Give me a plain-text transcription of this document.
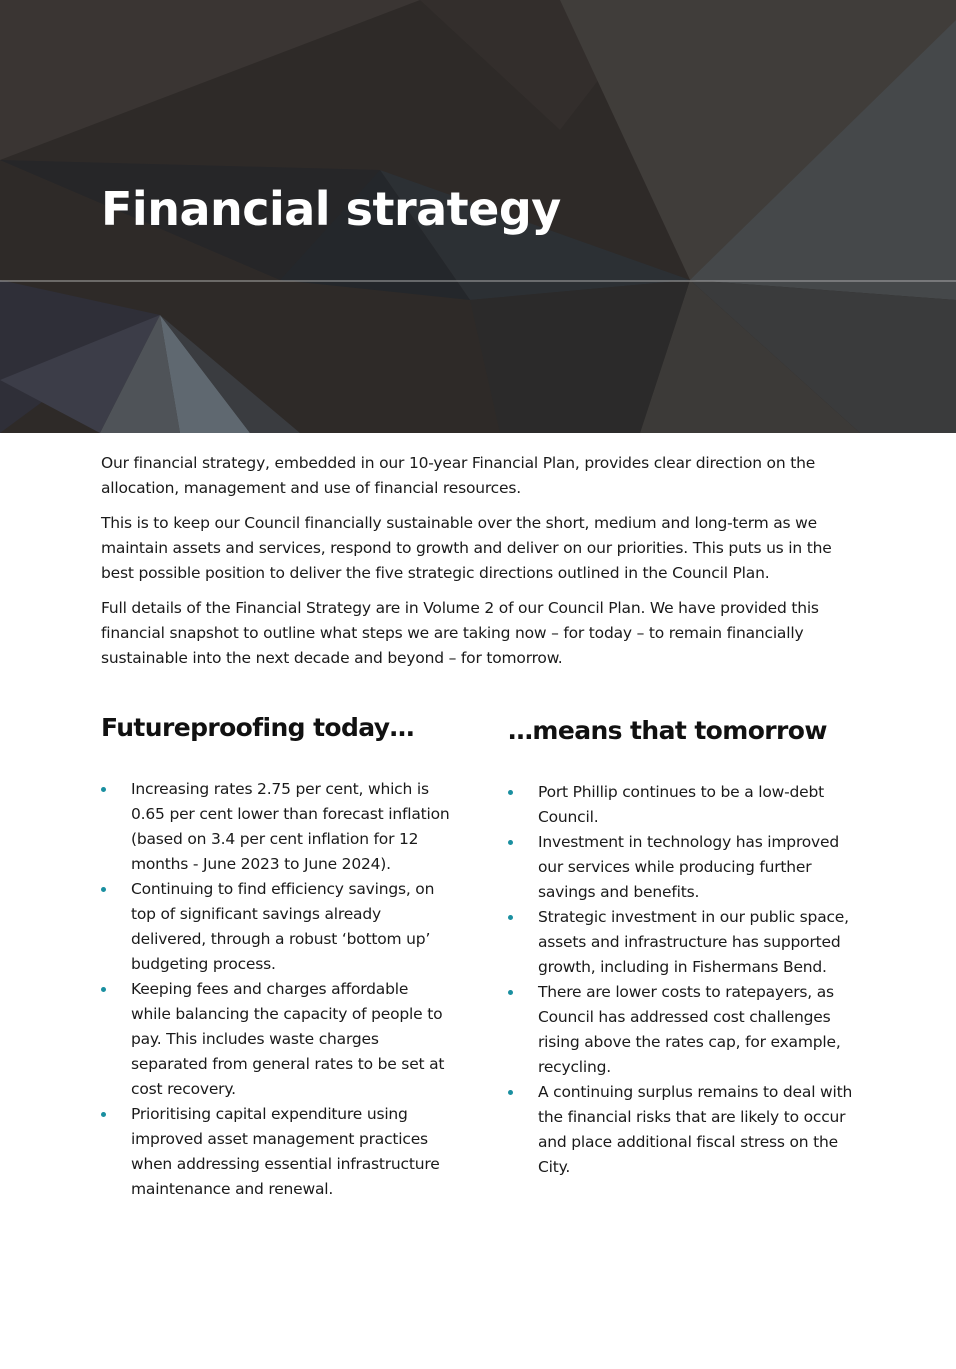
Financial strategy

Our financial strategy, embedded in our 10-year Financial Plan, provides clear direction on the allocation, management and use of financial resources.

This is to keep our Council financially sustainable over the short, medium and long-term as we maintain assets and services, respond to growth and deliver on our priorities. This puts us in the best possible position to deliver the five strategic directions outlined in the Council Plan.

Full details of the Financial Strategy are in Volume 2 of our Council Plan. We have provided this financial snapshot to outline what steps we are taking now – for today – to remain financially sustainable into the next decade and beyond – for tomorrow.

Futureproofing today…
Increasing rates 2.75 per cent, which is 0.65 per cent lower than forecast inflation (based on 3.4 per cent inflation for 12 months - June 2023 to June 2024).
Continuing to find efficiency savings, on top of significant savings already delivered, through a robust ‘bottom up’ budgeting process.
Keeping fees and charges affordable while balancing the capacity of people to pay. This includes waste charges separated from general rates to be set at cost recovery.
Prioritising capital expenditure using improved asset management practices when addressing essential infrastructure maintenance and renewal.
…means that tomorrow
Port Phillip continues to be a low-debt Council.
Investment in technology has improved our services while producing further savings and benefits.
Strategic investment in our public space, assets and infrastructure has supported growth, including in Fishermans Bend.
There are lower costs to ratepayers, as Council has addressed cost challenges rising above the rates cap, for example, recycling.
A continuing surplus remains to deal with the financial risks that are likely to occur and place additional fiscal stress on the City.
